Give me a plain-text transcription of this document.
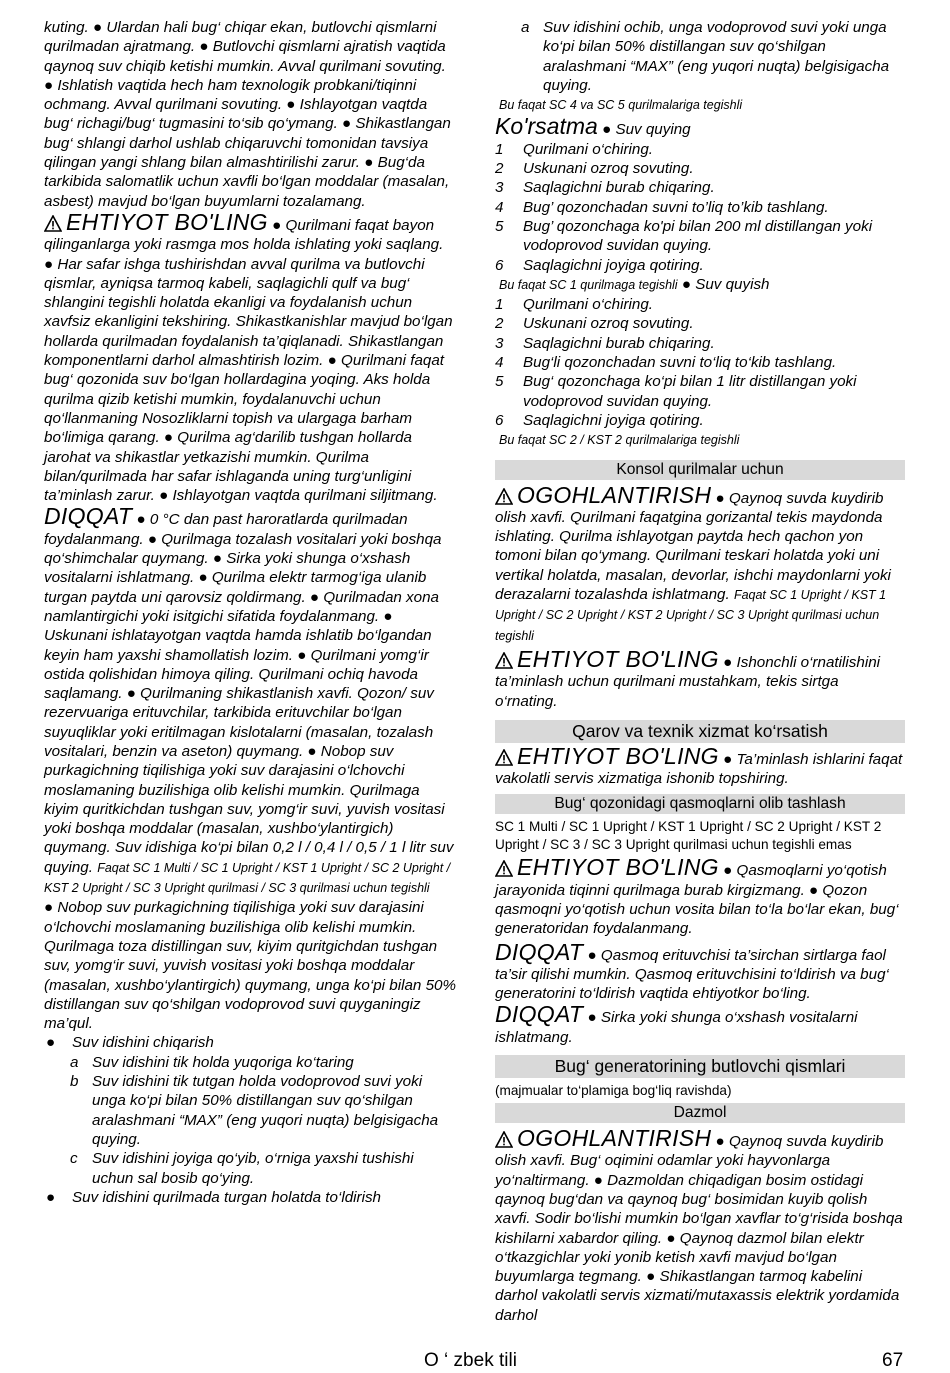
kuting. ● Ulardan hali bug‘ chiqar ekan, butlovchi qismlarni qurilmadan ajratmang. ● Butlovchi qismlarni ajratish vaqtida qaynoq suv chiqib ketishi mumkin. Avval qurilmani sovuting. ● Ishlatish vaqtida hech ham texnologik probkani/tiqinni ochmang. Avval qurilmani sovuting. ● Ishlayotgan vaqtda bug‘ richagi/bug‘ tugmasini to‘sib qo‘ymang. ● Shikastlangan bug‘ shlangi darhol ushlab chiqaruvchi tomonidan tavsiya qilingan yangi shlang bilan almashtirilishi zarur. ● Bug‘da tarkibida salomatlik uchun xavfli bo‘lgan moddalar (masalan, asbest) mavjud bo‘lgan buyumlarni tozalamang.

EHTIYOT BO'LING ● Qurilmani faqat bayon qilinganlarga yoki rasmga mos holda ishlating yoki saqlang. ● Har safar ishga tushirishdan avval qurilma va butlovchi qismlar, ayniqsa tarmoq kabeli, saqlagichli qulf va bug‘ shlangini tegishli holatda ekanligi va foydalanish uchun xavfsiz ekanligini tekshiring. Shikastkanishlar mavjud bo‘lgan hollarda qurilmadan foydalanish ta’qiqlanadi. Shikastlangan komponentlarni darhol almashtirish lozim. ● Qurilmani faqat bug‘ qozonida suv bo‘lgan hollardagina yoqing. Aks holda qurilma qizib ketishi mumkin, foydalanuvchi uchun qo‘llanmaning Nosozliklarni topish va ulargaga barham bo‘limiga qarang. ● Qurilma ag‘darilib tushgan hollarda jarohat va shikastlar yetkazishi mumkin. Qurilma bilan/qurilmada har safar ishlaganda uning turg‘unligini ta’minlash zarur. ● Ishlayotgan vaqtda qurilmani siljitmang.

DIQQAT ● 0 °C dan past haroratlarda qurilmadan foydalanmang. ● Qurilmaga tozalash vositalari yoki boshqa qo‘shimchalar quymang. ● Sirka yoki shunga o‘xshash vositalarni ishlatmang. ● Qurilma elektr tarmog‘iga ulanib turgan paytda uni qarovsiz qoldirmang. ● Qurilmadan xona namlantirgichi yoki isitgichi sifatida foydalanmang. ● Uskunani ishlatayotgan vaqtda hamda ishlatib bo‘lgandan keyin ham yaxshi shamollatish lozim. ● Qurilmani yomg‘ir ostida qolishidan himoya qiling. Qurilmani ochiq havoda saqlamang. ● Qurilmaning shikastlanish xavfi. Qozon/ suv rezervuariga erituvchilar, tarkibida erituvchilar bo‘lgan suyuqliklar yoki eritilmagan kislotalarni (masalan, tozalash vositalari, benzin va aseton) quymang. ● Nobop suv purkagichning tiqilishiga yoki suv darajasini o‘lchovchi moslamaning buzilishiga olib kelishi mumkin. Qurilmaga kiyim quritkichdan tushgan suv, yomg‘ir suvi, yuvish vositasi yoki boshqa moddalar (masalan, xushbo‘ylantirgich) quymang. Suv idishiga ko‘pi bilan 0,2 l / 0,4 l / 0,5 / 1 l litr suv quying. Faqat SC 1 Multi / SC 1 Upright / KST 1 Upright / SC 2 Upright / KST 2 Upright / SC 3 Upright qurilmasi / SC 3 qurilmasi uchun tegishli

● Nobop suv purkagichning tiqilishiga yoki suv darajasini o‘lchovchi moslamaning buzilishiga olib kelishi mumkin. Qurilmaga toza distillingan suv, kiyim quritgichdan tushgan suv, yomg‘ir suvi, yuvish vositasi yoki boshqa moddalar (masalan, xushbo‘ylantirgich) quymang, unga ko‘pi bilan 50% distillangan suv qo‘shilgan vodoprovod suvi quyganingiz ma’qul.

● Suv idishini chiqarish
a Suv idishini tik holda yuqoriga ko‘taring
b Suv idishini tik tutgan holda vodoprovod suvi yoki unga ko‘pi bilan 50% distillangan suv qo‘shilgan aralashmani “MAX” (eng yuqori nuqta) belgisigacha quying.
c Suv idishini joyiga qo‘yib, o‘rniga yaxshi tushishi uchun sal bosib qo‘ying.
● Suv idishini qurilmada turgan holatda to‘ldirish
a Suv idishini ochib, unga vodoprovod suvi yoki unga ko‘pi bilan 50% distillangan suv qo‘shilgan aralashmani “MAX” (eng yuqori nuqta) belgisigacha quying.
Bu faqat SC 4 va SC 5 qurilmalariga tegishli

Ko'rsatma ● Suv quying

1 Qurilmani o‘chiring.
2 Uskunani ozroq sovuting.
3 Saqlagichni burab chiqaring.
4 Bug’ qozonchadan suvni to’liq to’kib tashlang.
5 Bug’ qozonchaga ko'pi bilan 200 ml distillangan yoki vodoprovod suvidan quying.
6 Saqlagichni joyiga qotiring.

Bu faqat SC 1 qurilmaga tegishli ● Suv quyish

1 Qurilmani o‘chiring.
2 Uskunani ozroq sovuting.
3 Saqlagichni burab chiqaring.
4 Bug‘li qozonchadan suvni to‘liq to‘kib tashlang.
5 Bug‘ qozonchaga ko‘pi bilan 1 litr distillangan yoki vodoprovod suvidan quying.
6 Saqlagichni joyiga qotiring.
Bu faqat SC 2 / KST 2 qurilmalariga tegishli
Konsol qurilmalar uchun

OGOHLANTIRISH ● Qaynoq suvda kuydirib olish xavfi. Qurilmani faqatgina gorizantal tekis maydonda ishlating. Qurilma ishlayotgan paytda hech qachon yon tomoni bilan qo‘ymang. Qurilmani teskari holatda yoki uni vertikal holatda, masalan, devorlar, ishchi maydonlarni yoki derazalarni tozalashda ishlatmang. Faqat SC 1 Upright / KST 1 Upright / SC 2 Upright / KST 2 Upright / SC 3 Upright qurilmasi uchun tegishli

EHTIYOT BO'LING ● Ishonchli o‘rnatilishini ta’minlash uchun qurilmani mustahkam, tekis sirtga o‘rnating.

Qarov va texnik xizmat ko‘rsatish

EHTIYOT BO'LING ● Ta’minlash ishlarini faqat vakolatli servis xizmatiga ishonib topshiring.

Bug‘ qozonidagi qasmoqlarni olib tashlash

SC 1 Multi / SC 1 Upright / KST 1 Upright / SC 2 Upright / KST 2 Upright / SC 3 / SC 3 Upright qurilmasi uchun tegishli emas

EHTIYOT BO'LING ● Qasmoqlarni yo‘qotish jarayonida tiqinni qurilmaga burab kirgizmang. ● Qozon qasmoqni yo‘qotish uchun vosita bilan to‘la bo‘lar ekan, bug‘ generatoridan foydalanmang.

DIQQAT ● Qasmoq erituvchisi ta’sirchan sirtlarga faol ta’sir qilishi mumkin. Qasmoq erituvchisini to‘ldirish va bug‘ generatorini to‘ldirish vaqtida ehtiyotkor bo‘ling.

DIQQAT ● Sirka yoki shunga o‘xshash vositalarni ishlatmang.

Bug‘ generatorining butlovchi qismlari

(majmualar to‘plamiga bog‘liq ravishda)

Dazmol

OGOHLANTIRISH ● Qaynoq suvda kuydirib olish xavfi. Bug‘ oqimini odamlar yoki hayvonlarga yo‘naltirmang. ● Dazmoldan chiqadigan bosim ostidagi qaynoq bug‘dan va qaynoq bug‘ bosimidan kuyib qolish xavfi. Sodir bo‘lishi mumkin bo‘lgan xavflar to‘g‘risida boshqa kishilarni xabardor qiling. ● Qaynoq dazmol bilan elektr o‘tkazgichlar yoki yonib ketish xavfi mavjud bo‘lgan buyumlarga tegmang. ● Shikastlangan tarmoq kabelini darhol vakolatli servis xizmati/mutaxassis elektrik yordamida darhol

O ‘ zbek tili	67
